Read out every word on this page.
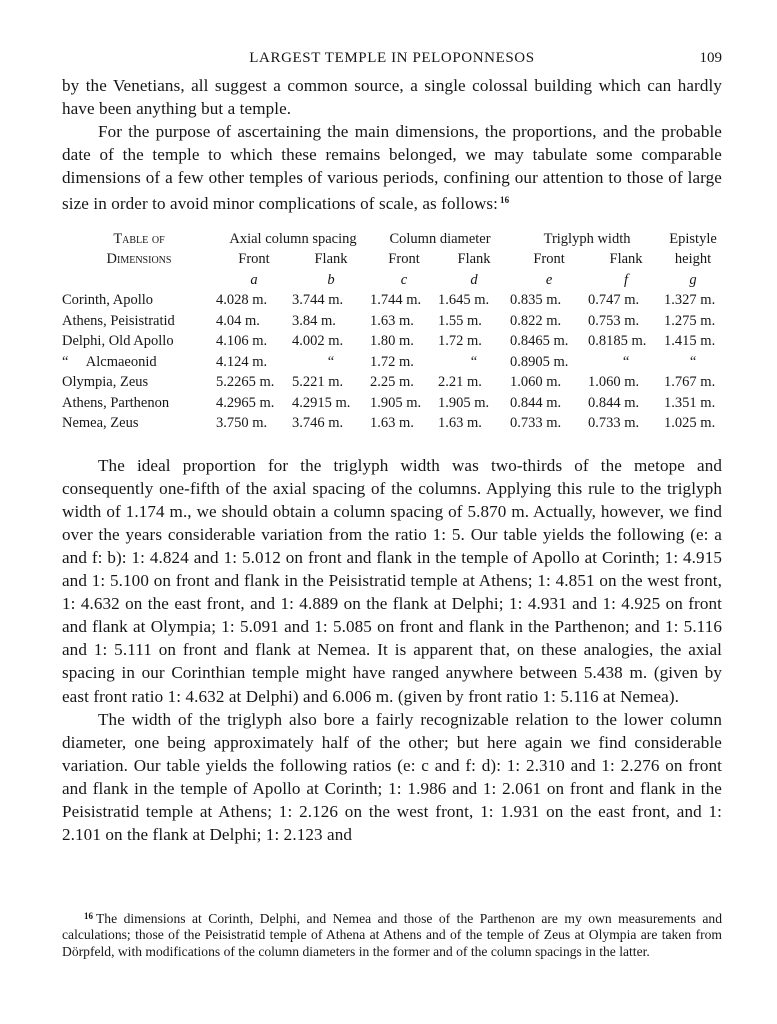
LARGEST TEMPLE IN PELOPONNESOS	109

by the Venetians, all suggest a common source, a single colossal building which can hardly have been anything but a temple.

For the purpose of ascertaining the main dimensions, the proportions, and the probable date of the temple to which these remains belonged, we may tabulate some comparable dimensions of a few other temples of various periods, confining our attention to those of large size in order to avoid minor complications of scale, as follows: $^{16}$

Table of	Axial column spacing		Column diameter		Triglyph width		Epistyle
Dimensions	Front	Flank	Front	Flank	Front	Flank	height
	a	b	c	d	e	f	g
Corinth, Apollo	4.028 m.	3.744 m.	1.744 m.	1.645 m.	0.835 m.	0.747 m.	1.327 m.
Athens, Peisistratid	4.04 m.	3.84 m.	1.63 m.	1.55 m.	0.822 m.	0.753 m.	1.275 m.
Delphi, Old Apollo	4.106 m.	4.002 m.	1.80 m.	1.72 m.	0.8465 m.	0.8185 m.	1.415 m.
“     Alcmaeonid	4.124 m.	“	1.72 m.	“	0.8905 m.	“	“
Olympia, Zeus	5.2265 m.	5.221 m.	2.25 m.	2.21 m.	1.060 m.	1.060 m.	1.767 m.
Athens, Parthenon	4.2965 m.	4.2915 m.	1.905 m.	1.905 m.	0.844 m.	0.844 m.	1.351 m.
Nemea, Zeus	3.750 m.	3.746 m.	1.63 m.	1.63 m.	0.733 m.	0.733 m.	1.025 m.

The ideal proportion for the triglyph width was two-thirds of the metope and consequently one-fifth of the axial spacing of the columns. Applying this rule to the triglyph width of 1.174 m., we should obtain a column spacing of 5.870 m. Actually, however, we find over the years considerable variation from the ratio 1: 5. Our table yields the following (e: a and f: b): 1: 4.824 and 1: 5.012 on front and flank in the temple of Apollo at Corinth; 1: 4.915 and 1: 5.100 on front and flank in the Peisistratid temple at Athens; 1: 4.851 on the west front, 1: 4.632 on the east front, and 1: 4.889 on the flank at Delphi; 1: 4.931 and 1: 4.925 on front and flank at Olympia; 1: 5.091 and 1: 5.085 on front and flank in the Parthenon; and 1: 5.116 and 1: 5.111 on front and flank at Nemea. It is apparent that, on these analogies, the axial spacing in our Corinthian temple might have ranged anywhere between 5.438 m. (given by east front ratio 1: 4.632 at Delphi) and 6.006 m. (given by front ratio 1: 5.116 at Nemea).

The width of the triglyph also bore a fairly recognizable relation to the lower column diameter, one being approximately half of the other; but here again we find considerable variation. Our table yields the following ratios (e: c and f: d): 1: 2.310 and 1: 2.276 on front and flank in the temple of Apollo at Corinth; 1: 1.986 and 1: 2.061 on front and flank in the Peisistratid temple at Athens; 1: 2.126 on the west front, 1: 1.931 on the east front, and 1: 2.101 on the flank at Delphi; 1: 2.123 and

$^{16}$ The dimensions at Corinth, Delphi, and Nemea and those of the Parthenon are my own measurements and calculations; those of the Peisistratid temple of Athena at Athens and of the temple of Zeus at Olympia are taken from Dörpfeld, with modifications of the column diameters in the former and of the column spacings in the latter.
